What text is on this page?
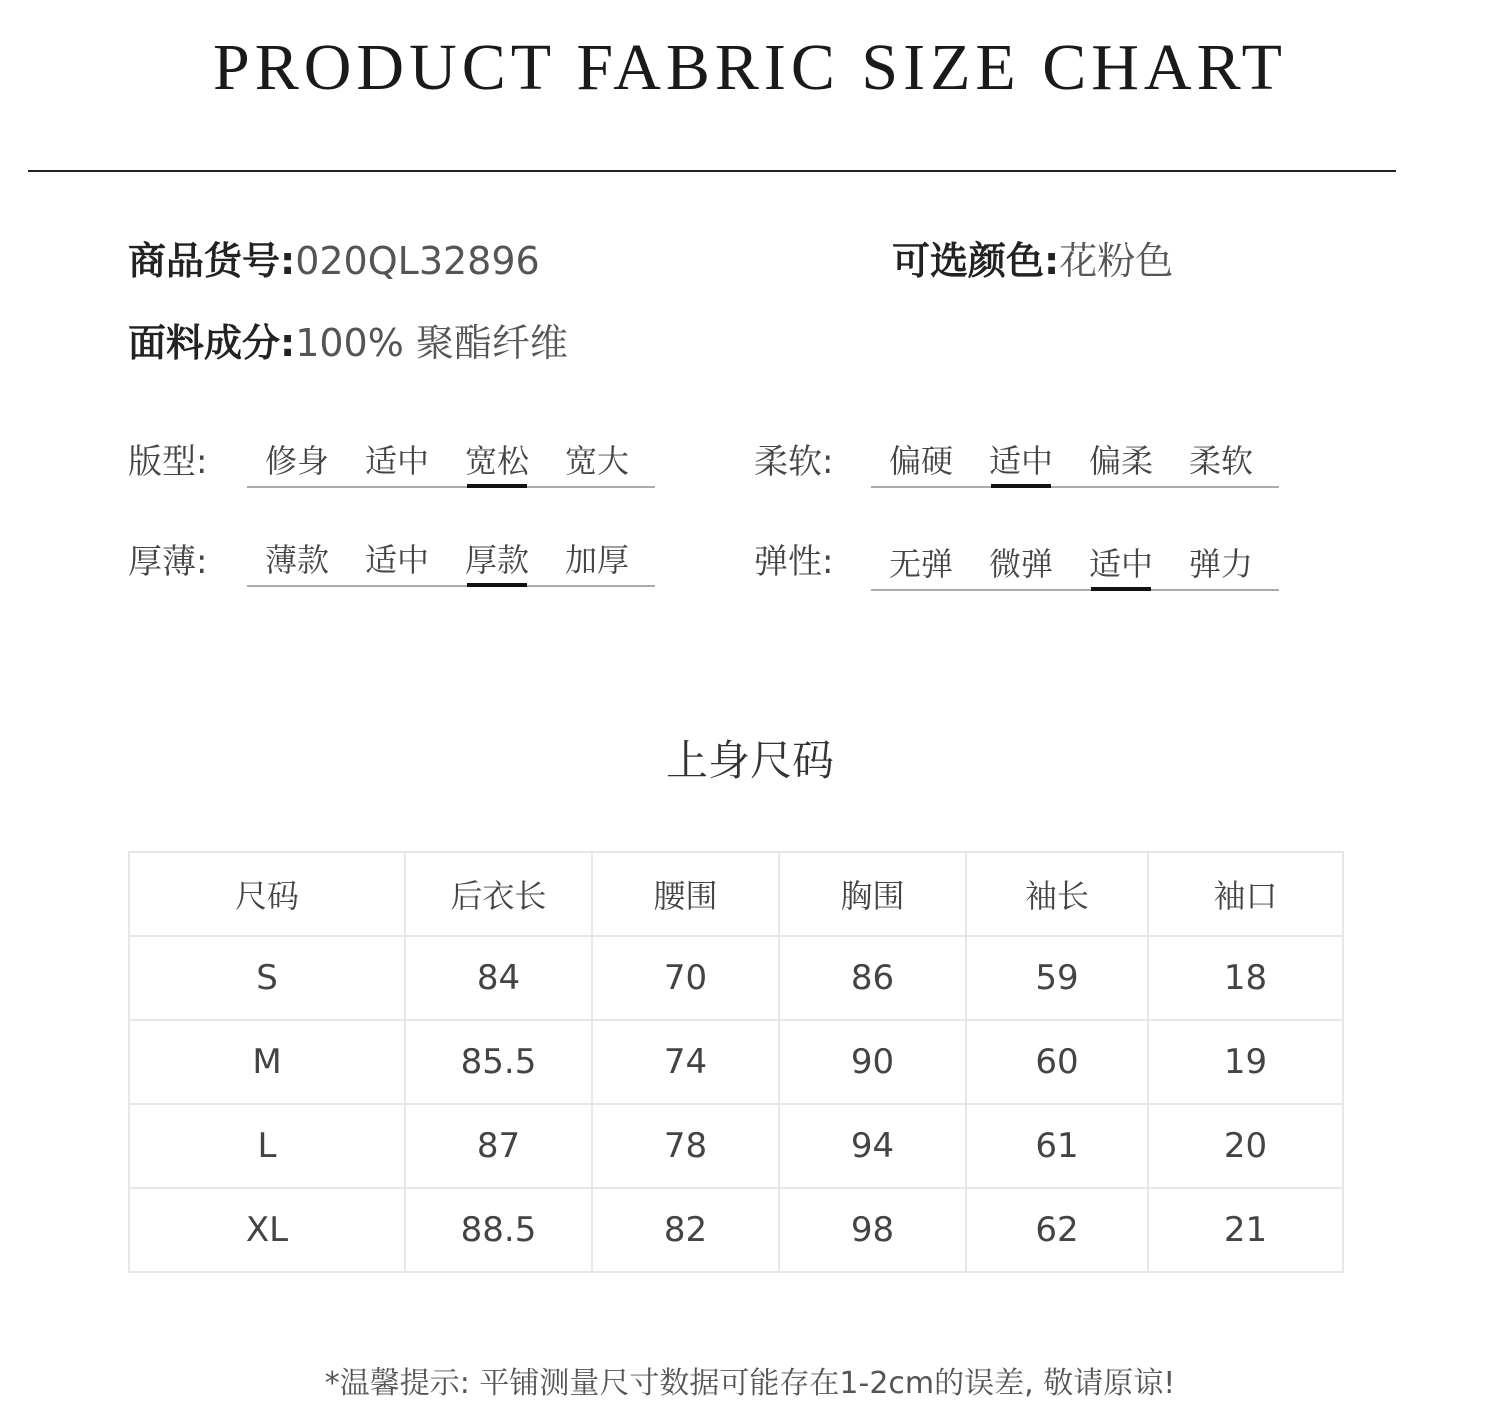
PRODUCT FABRIC SIZE CHART
商品货号:020QL32896	可选颜色:花粉色
面料成分:100% 聚酯纤维
版型:	修身	适中	宽松	宽大	柔软:	偏硬	适中	偏柔	柔软
厚薄:	薄款	适中	厚款	加厚	弹性:	无弹	微弹	适中	弹力
上身尺码
尺码	后衣长	腰围	胸围	袖长	袖口
S	84	70	86	59	18
M	85.5	74	90	60	19
L	87	78	94	61	20
XL	88.5	82	98	62	21
*温馨提示: 平铺测量尺寸数据可能存在1-2cm的误差, 敬请原谅!
